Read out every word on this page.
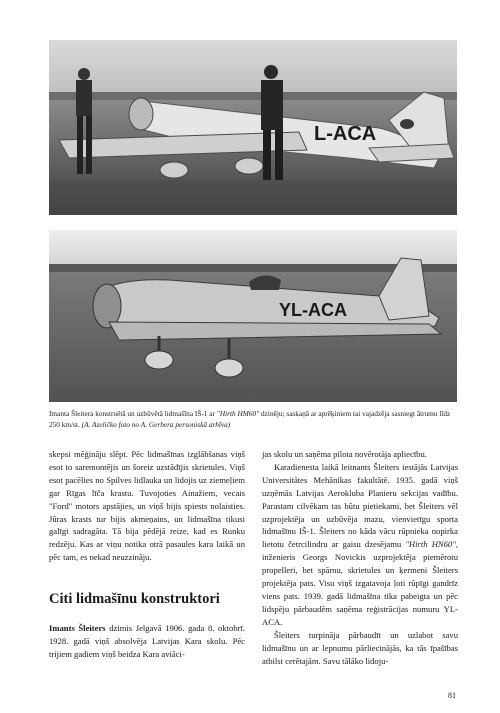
L-ACA
YL-ACA
Imanta Šleitera konstruētā un uzbūvētā lidmašīna IŠ-1 ar "Hirth HM60" dzinēju; saskaņā ar aprēķiniem tai vajadzēja sasniegt ātrumu līdz 250 km/st. (A. Azeličko foto no A. Gerbera personiskā arhīva)

skepsi mēģināju slēpt. Pēc lidmašīnas izglābšanas viņš esot to saremontējis un šoreiz uzstādījis skrietules. Viņš esot pacēlies no Spilves lidlauka un lidojis uz ziemeļiem gar Rīgas līča krastu. Tuvojoties Ainažiem, vecais "Ford" motors apstājies, un viņš bijis spiests nolaisties. Jūras krasts tur bijis akmeņains, un lidmašīna tikusi galīgi sadragāta. Tā bija pēdējā reize, kad es Runku redzēju. Kas ar viņu notika otrā pasaules kara laikā un pēc tam, es nekad neuzzināju.

Citi lidmašīnu konstruktori

Imants Šleiters dzimis Jelgavā 1906. gada 8. oktobrī. 1928. gadā viņš absolvēja Latvijas Kara skolu. Pēc trijiem gadiem viņš beidza Kara aviāci-

jas skolu un saņēma pilota novērotāja apliecību.

Karadienesta laikā leitnants Šleiters iestājās Latvijas Universitātes Mehānikas fakultātē. 1935. gadā viņš uzņēmās Latvijas Aerokluba Planieru sekcijas vadību. Parastam cilvēkam tas būtu pietiekami, bet Šleiters vēl uzprojektēja un uzbūvēja mazu, vienvietīgu sporta lidmašīnu IŠ-1. Šleiters no kāda vācu rūpnieka nopirka lietotu četrcilindru ar gaisu dzesējamu "Hirth HN60", inženieris Georgs Novickis uzprojektēja piemērotu propelleri, bet spārnu, skrietules un ķermeni Šleiters projektēja pats. Visu viņš izgatavoja ļoti rūpīgi gandrīz viens pats. 1939. gadā lidmašīna tika pabeigta un pēc lidspēju pārbaudēm saņēma reģistrācijas numuru YL-ACA.

Šleiters turpināja pārbaudīt un uzlabot savu lidmašīnu un ar lepnumu pārliecinājās, ka tās īpašības atbilst cerētajām. Savu tālāko lidoju-

81
